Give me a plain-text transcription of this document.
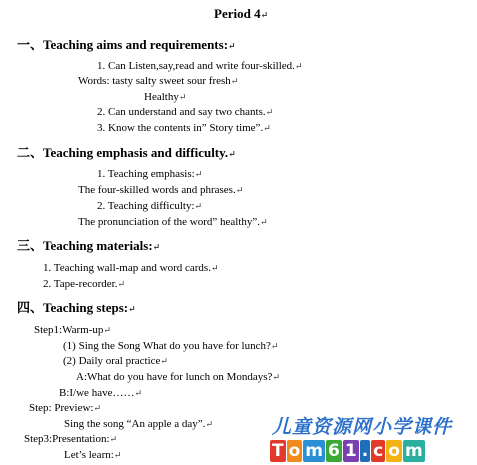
Period 4↵
一、Teaching aims and requirements:↵
1. Can Listen,say,read and write four-skilled.↵
Words: tasty salty sweet sour fresh↵
Healthy↵
2. Can understand and say two chants.↵
3. Know the contents in” Story time”.↵
二、Teaching emphasis and difficulty.↵
1. Teaching emphasis:↵
The four-skilled words and phrases.↵
2. Teaching difficulty:↵
The pronunciation of the word” healthy”.↵
三、Teaching materials:↵
1. Teaching wall-map and word cards.↵
2. Tape-recorder.↵
四、Teaching steps:↵
Step1:Warm-up↵
(1) Sing the Song What do you have for lunch?↵
(2) Daily oral practice↵
A:What do you have for lunch on Mondays?↵
B:I/we have……↵
Step: Preview:↵
Sing the song “An apple a day”.↵
Step3:Presentation:↵
Let’s learn:↵
儿童资源网小学课件
T o m 6 1 . c o m
